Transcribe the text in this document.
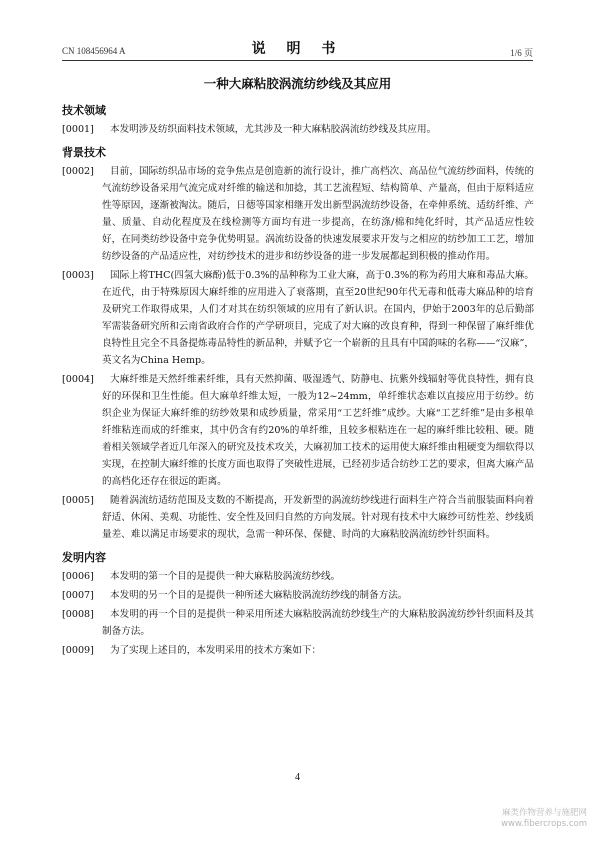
CN 108456964 A	说 明 书	1/6 页
一种大麻粘胶涡流纺纱线及其应用
技术领域

[0001] 本发明涉及纺织面料技术领域，尤其涉及一种大麻粘胶涡流纺纱线及其应用。

背景技术

[0002] 目前，国际纺织品市场的竞争焦点是创造新的流行设计，推广高档次、高品位气流纺纱面料，传统的气流纺纱设备采用气流完成对纤维的输送和加捻，其工艺流程短、结构简单、产量高，但由于原料适应性等原因，逐渐被淘汰。随后，日德等国家相继开发出新型涡流纺纱设备，在牵伸系统、适纺纤维、产量、质量、自动化程度及在线检测等方面均有进一步提高，在纺涤/棉和纯化纤时，其产品适应性较好，在同类纺纱设备中竞争优势明显。涡流纺设备的快速发展要求开发与之相应的纺纱加工工艺，增加纺纱设备的产品适应性，对纺纱技术的进步和纺纱设备的进一步发展都起到积极的推动作用。

[0003] 国际上将THC(四氢大麻酚)低于0.3%的品种称为工业大麻，高于0.3%的称为药用大麻和毒品大麻。在近代，由于特殊原因大麻纤维的应用进入了衰落期，直至20世纪90年代无毒和低毒大麻品种的培育及研究工作取得成果，人们才对其在纺织领域的应用有了新认识。在国内，伊始于2003年的总后勤部军需装备研究所和云南省政府合作的产学研项目，完成了对大麻的改良育种，得到一种保留了麻纤维优良特性且完全不具备提炼毒品特性的新品种，并赋予它一个崭新的且具有中国韵味的名称——“汉麻”，英文名为China Hemp。

[0004] 大麻纤维是天然纤维素纤维，具有天然抑菌、吸湿透气、防静电、抗紫外线辐射等优良特性，拥有良好的环保和卫生性能。但大麻单纤维太短，一般为12~24mm，单纤维状态难以直接应用于纺纱。纺织企业为保证大麻纤维的纺纱效果和成纱质量，常采用“工艺纤维”成纱。大麻“工艺纤维”是由多根单纤维粘连而成的纤维束，其中仍含有约20%的单纤维，且较多根粘连在一起的麻纤维比较粗、硬。随着相关领域学者近几年深入的研究及技术攻关，大麻初加工技术的运用使大麻纤维由粗硬变为细软得以实现，在控制大麻纤维的长度方面也取得了突破性进展，已经初步适合纺纱工艺的要求，但离大麻产品的高档化还存在很远的距离。

[0005] 随着涡流纺适纺范围及支数的不断提高，开发新型的涡流纺纱线进行面料生产符合当前服装面料向着舒适、休闲、美观、功能性、安全性及回归自然的方向发展。针对现有技术中大麻纱可纺性差、纱线质量差、难以满足市场要求的现状，急需一种环保、保健、时尚的大麻粘胶涡流纺纱针织面料。

发明内容

[0006] 本发明的第一个目的是提供一种大麻粘胶涡流纺纱线。

[0007] 本发明的另一个目的是提供一种所述大麻粘胶涡流纺纱线的制备方法。

[0008] 本发明的再一个目的是提供一种采用所述大麻粘胶涡流纺纱线生产的大麻粘胶涡流纺纱针织面料及其制备方法。

[0009] 为了实现上述目的，本发明采用的技术方案如下：

4
麻类作物营养与施肥网
www.fibercrops.com
